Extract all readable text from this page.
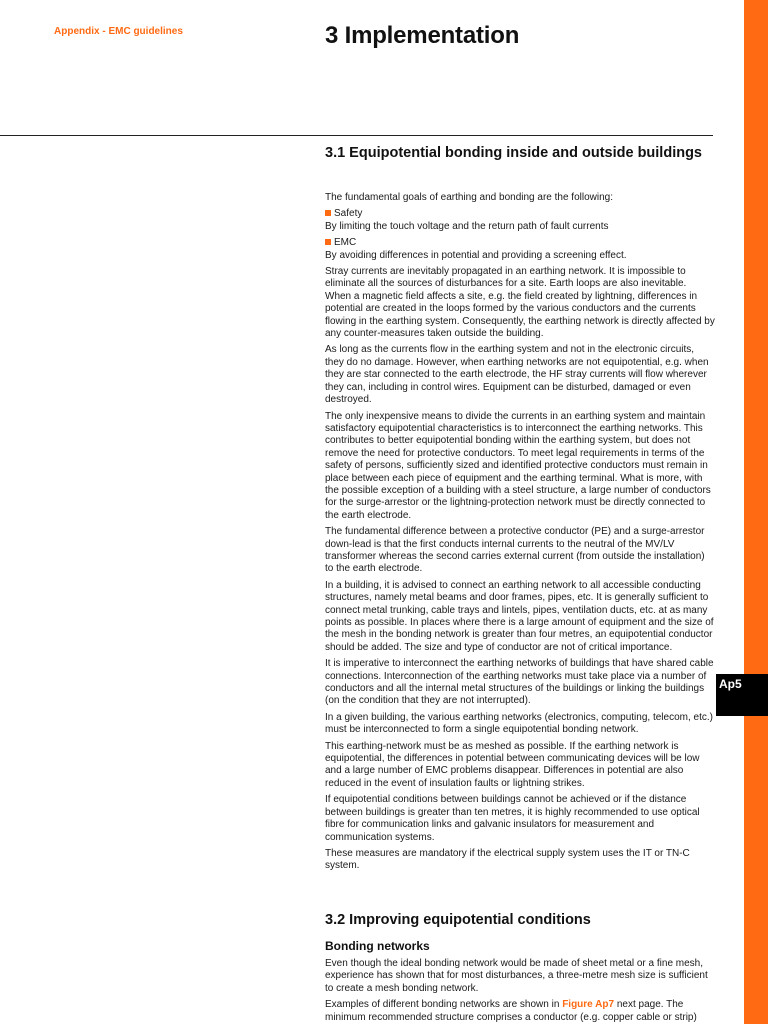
Ap5
Appendix - EMC guidelines	3 Implementation
3.1 Equipotential bonding inside and outside buildings

The fundamental goals of earthing and bonding are the following:

Safety

By limiting the touch voltage and the return path of fault currents

EMC

By avoiding differences in potential and providing a screening effect.

Stray currents are inevitably propagated in an earthing network. It is impossible to eliminate all the sources of disturbances for a site. Earth loops are also inevitable. When a magnetic field affects a site, e.g. the field created by lightning, differences in potential are created in the loops formed by the various conductors and the currents flowing in the earthing system. Consequently, the earthing network is directly affected by any counter-measures taken outside the building.

As long as the currents flow in the earthing system and not in the electronic circuits, they do no damage. However, when earthing networks are not equipotential, e.g. when they are star connected to the earth electrode, the HF stray currents will flow wherever they can, including in control wires. Equipment can be disturbed, damaged or even destroyed.

The only inexpensive means to divide the currents in an earthing system and maintain satisfactory equipotential characteristics is to interconnect the earthing networks. This contributes to better equipotential bonding within the earthing system, but does not remove the need for protective conductors. To meet legal requirements in terms of the safety of persons, sufficiently sized and identified protective conductors must remain in place between each piece of equipment and the earthing terminal. What is more, with the possible exception of a building with a steel structure, a large number of conductors for the surge-arrestor or the lightning-protection network must be directly connected to the earth electrode.

The fundamental difference between a protective conductor (PE) and a surge-arrestor down-lead is that the first conducts internal currents to the neutral of the MV/LV transformer whereas the second carries external current (from outside the installation) to the earth electrode.

In a building, it is advised to connect an earthing network to all accessible conducting structures, namely metal beams and door frames, pipes, etc. It is generally sufficient to connect metal trunking, cable trays and lintels, pipes, ventilation ducts, etc. at as many points as possible. In places where there is a large amount of equipment and the size of the mesh in the bonding network is greater than four metres, an equipotential conductor should be added. The size and type of conductor are not of critical importance.

It is imperative to interconnect the earthing networks of buildings that have shared cable connections. Interconnection of the earthing networks must take place via a number of conductors and all the internal metal structures of the buildings or linking the buildings (on the condition that they are not interrupted).

In a given building, the various earthing networks (electronics, computing, telecom, etc.) must be interconnected to form a single equipotential bonding network.

This earthing-network must be as meshed as possible. If the earthing network is equipotential, the differences in potential between communicating devices will be low and a large number of EMC problems disappear. Differences in potential are also reduced in the event of insulation faults or lightning strikes.

If equipotential conditions between buildings cannot be achieved or if the distance between buildings is greater than ten metres, it is highly recommended to use optical fibre for communication links and galvanic insulators for measurement and communication systems.

These measures are mandatory if the electrical supply system uses the IT or TN-C system.

3.2 Improving equipotential conditions
Bonding networks

Even though the ideal bonding network would be made of sheet metal or a fine mesh, experience has shown that for most disturbances, a three-metre mesh size is sufficient to create a mesh bonding network.

Examples of different bonding networks are shown in Figure Ap7 next page. The minimum recommended structure comprises a conductor (e.g. copper cable or strip)
